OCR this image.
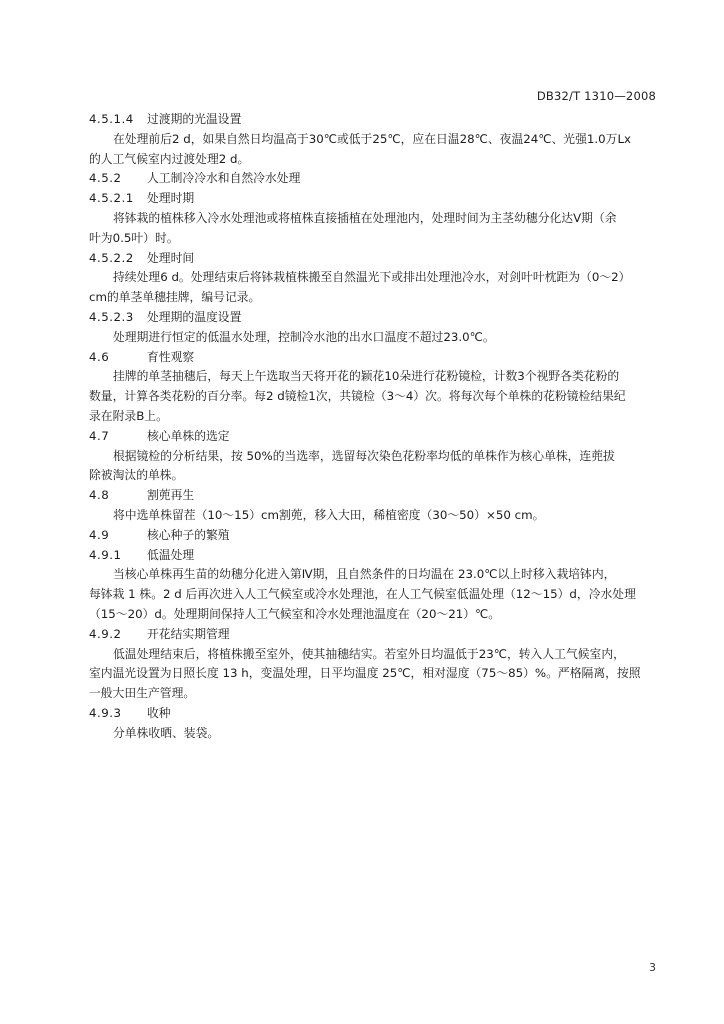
DB32/T 1310—2008
4.5.1.4 过渡期的光温设置
在处理前后2 d，如果自然日均温高于30℃或低于25℃，应在日温28℃、夜温24℃、光强1.0万Lx
的人工气候室内过渡处理2 d。
4.5.2 人工制冷冷水和自然冷水处理
4.5.2.1 处理时期
将钵栽的植株移入冷水处理池或将植株直接插植在处理池内，处理时间为主茎幼穗分化达Ⅴ期（余
叶为0.5叶）时。
4.5.2.2 处理时间
持续处理6 d。处理结束后将钵栽植株搬至自然温光下或排出处理池冷水，对剑叶叶枕距为（0～2）
cm的单茎单穗挂牌，编号记录。
4.5.2.3 处理期的温度设置
处理期进行恒定的低温水处理，控制冷水池的出水口温度不超过23.0℃。
4.6	育性观察
挂牌的单茎抽穗后，每天上午选取当天将开花的颖花10朵进行花粉镜检，计数3个视野各类花粉的
数量，计算各类花粉的百分率。每2 d镜检1次，共镜检（3～4）次。将每次每个单株的花粉镜检结果纪
录在附录B上。
4.7	核心单株的选定
根据镜检的分析结果，按 50%的当选率，选留每次染色花粉率均低的单株作为核心单株，连蔸拔
除被淘汰的单株。
4.8	割蔸再生
将中选单株留茬（10～15）cm割蔸，移入大田，稀植密度（30～50）×50 cm。
4.9	核心种子的繁殖
4.9.1 低温处理
当核心单株再生苗的幼穗分化进入第Ⅳ期，且自然条件的日均温在 23.0℃以上时移入栽培钵内，
每钵栽 1 株。2 d 后再次进入人工气候室或冷水处理池，在人工气候室低温处理（12～15）d，冷水处理
（15～20）d。处理期间保持人工气候室和冷水处理池温度在（20～21）℃。
4.9.2 开花结实期管理
低温处理结束后，将植株搬至室外，使其抽穗结实。若室外日均温低于23℃，转入人工气候室内，
室内温光设置为日照长度 13 h，变温处理，日平均温度 25℃，相对湿度（75～85）%。严格隔离，按照
一般大田生产管理。
4.9.3 收种
分单株收晒、装袋。
3
